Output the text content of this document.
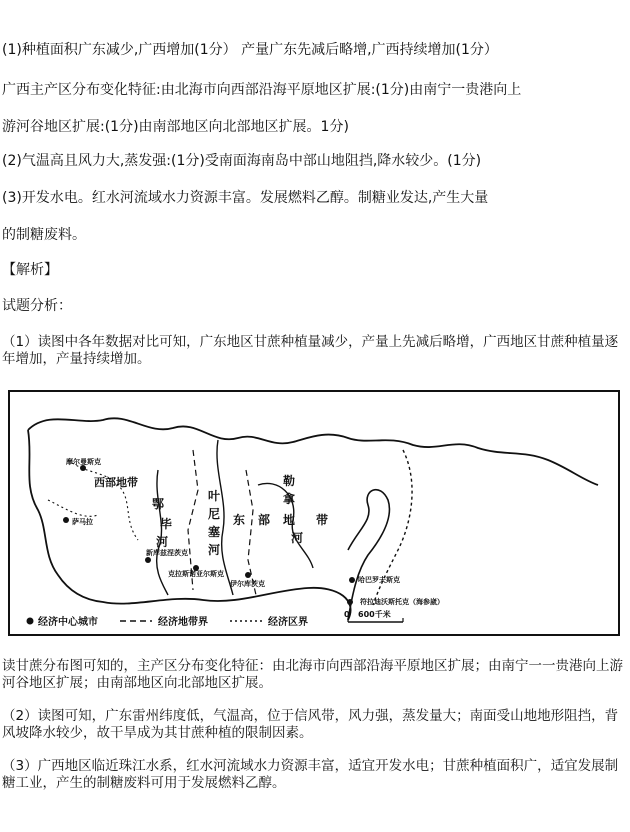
(1)种植面积广东减少,广西增加(1分） 产量广东先减后略增,广西持续增加(1分）
广西主产区分布变化特征:由北海市向西部沿海平原地区扩展:(1分)由南宁一贵港向上
游河谷地区扩展:(1分)由南部地区向北部地区扩展。1分)
(2)气温高且风力大,蒸发强:(1分)受南面海南岛中部山地阻挡,降水较少。(1分)
(3)开发水电。红水河流域水力资源丰富。发展燃料乙醇。制糖业发达,产生大量
的制糖废料。
【解析】
试题分析：
（1）读图中各年数据对比可知，广东地区甘蔗种植量减少，产量上先减后略增，广西地区甘蔗种植量逐年增加，产量持续增加。
西部地带
叶
尼
塞
河
鄂
毕
河
东 部 地 带
勒
拿
河
摩尔曼斯克
萨马拉
新库兹涅茨克
克拉斯诺亚尔斯克
伊尔库茨克	哈巴罗夫斯克
符拉迪沃斯托克（海参崴）
经济中心城市	经济地带界	经济区界
0 600千米
读甘蔗分布图可知的，主产区分布变化特征：由北海市向西部沿海平原地区扩展；由南宁一一贵港向上游河谷地区扩展；由南部地区向北部地区扩展。
（2）读图可知，广东雷州纬度低，气温高，位于信风带，风力强，蒸发量大；南面受山地地形阻挡，背风坡降水较少，故干旱成为其甘蔗种植的限制因素。
（3）广西地区临近珠江水系，红水河流域水力资源丰富，适宜开发水电；甘蔗种植面积广，适宜发展制糖工业，产生的制糖废料可用于发展燃料乙醇。
